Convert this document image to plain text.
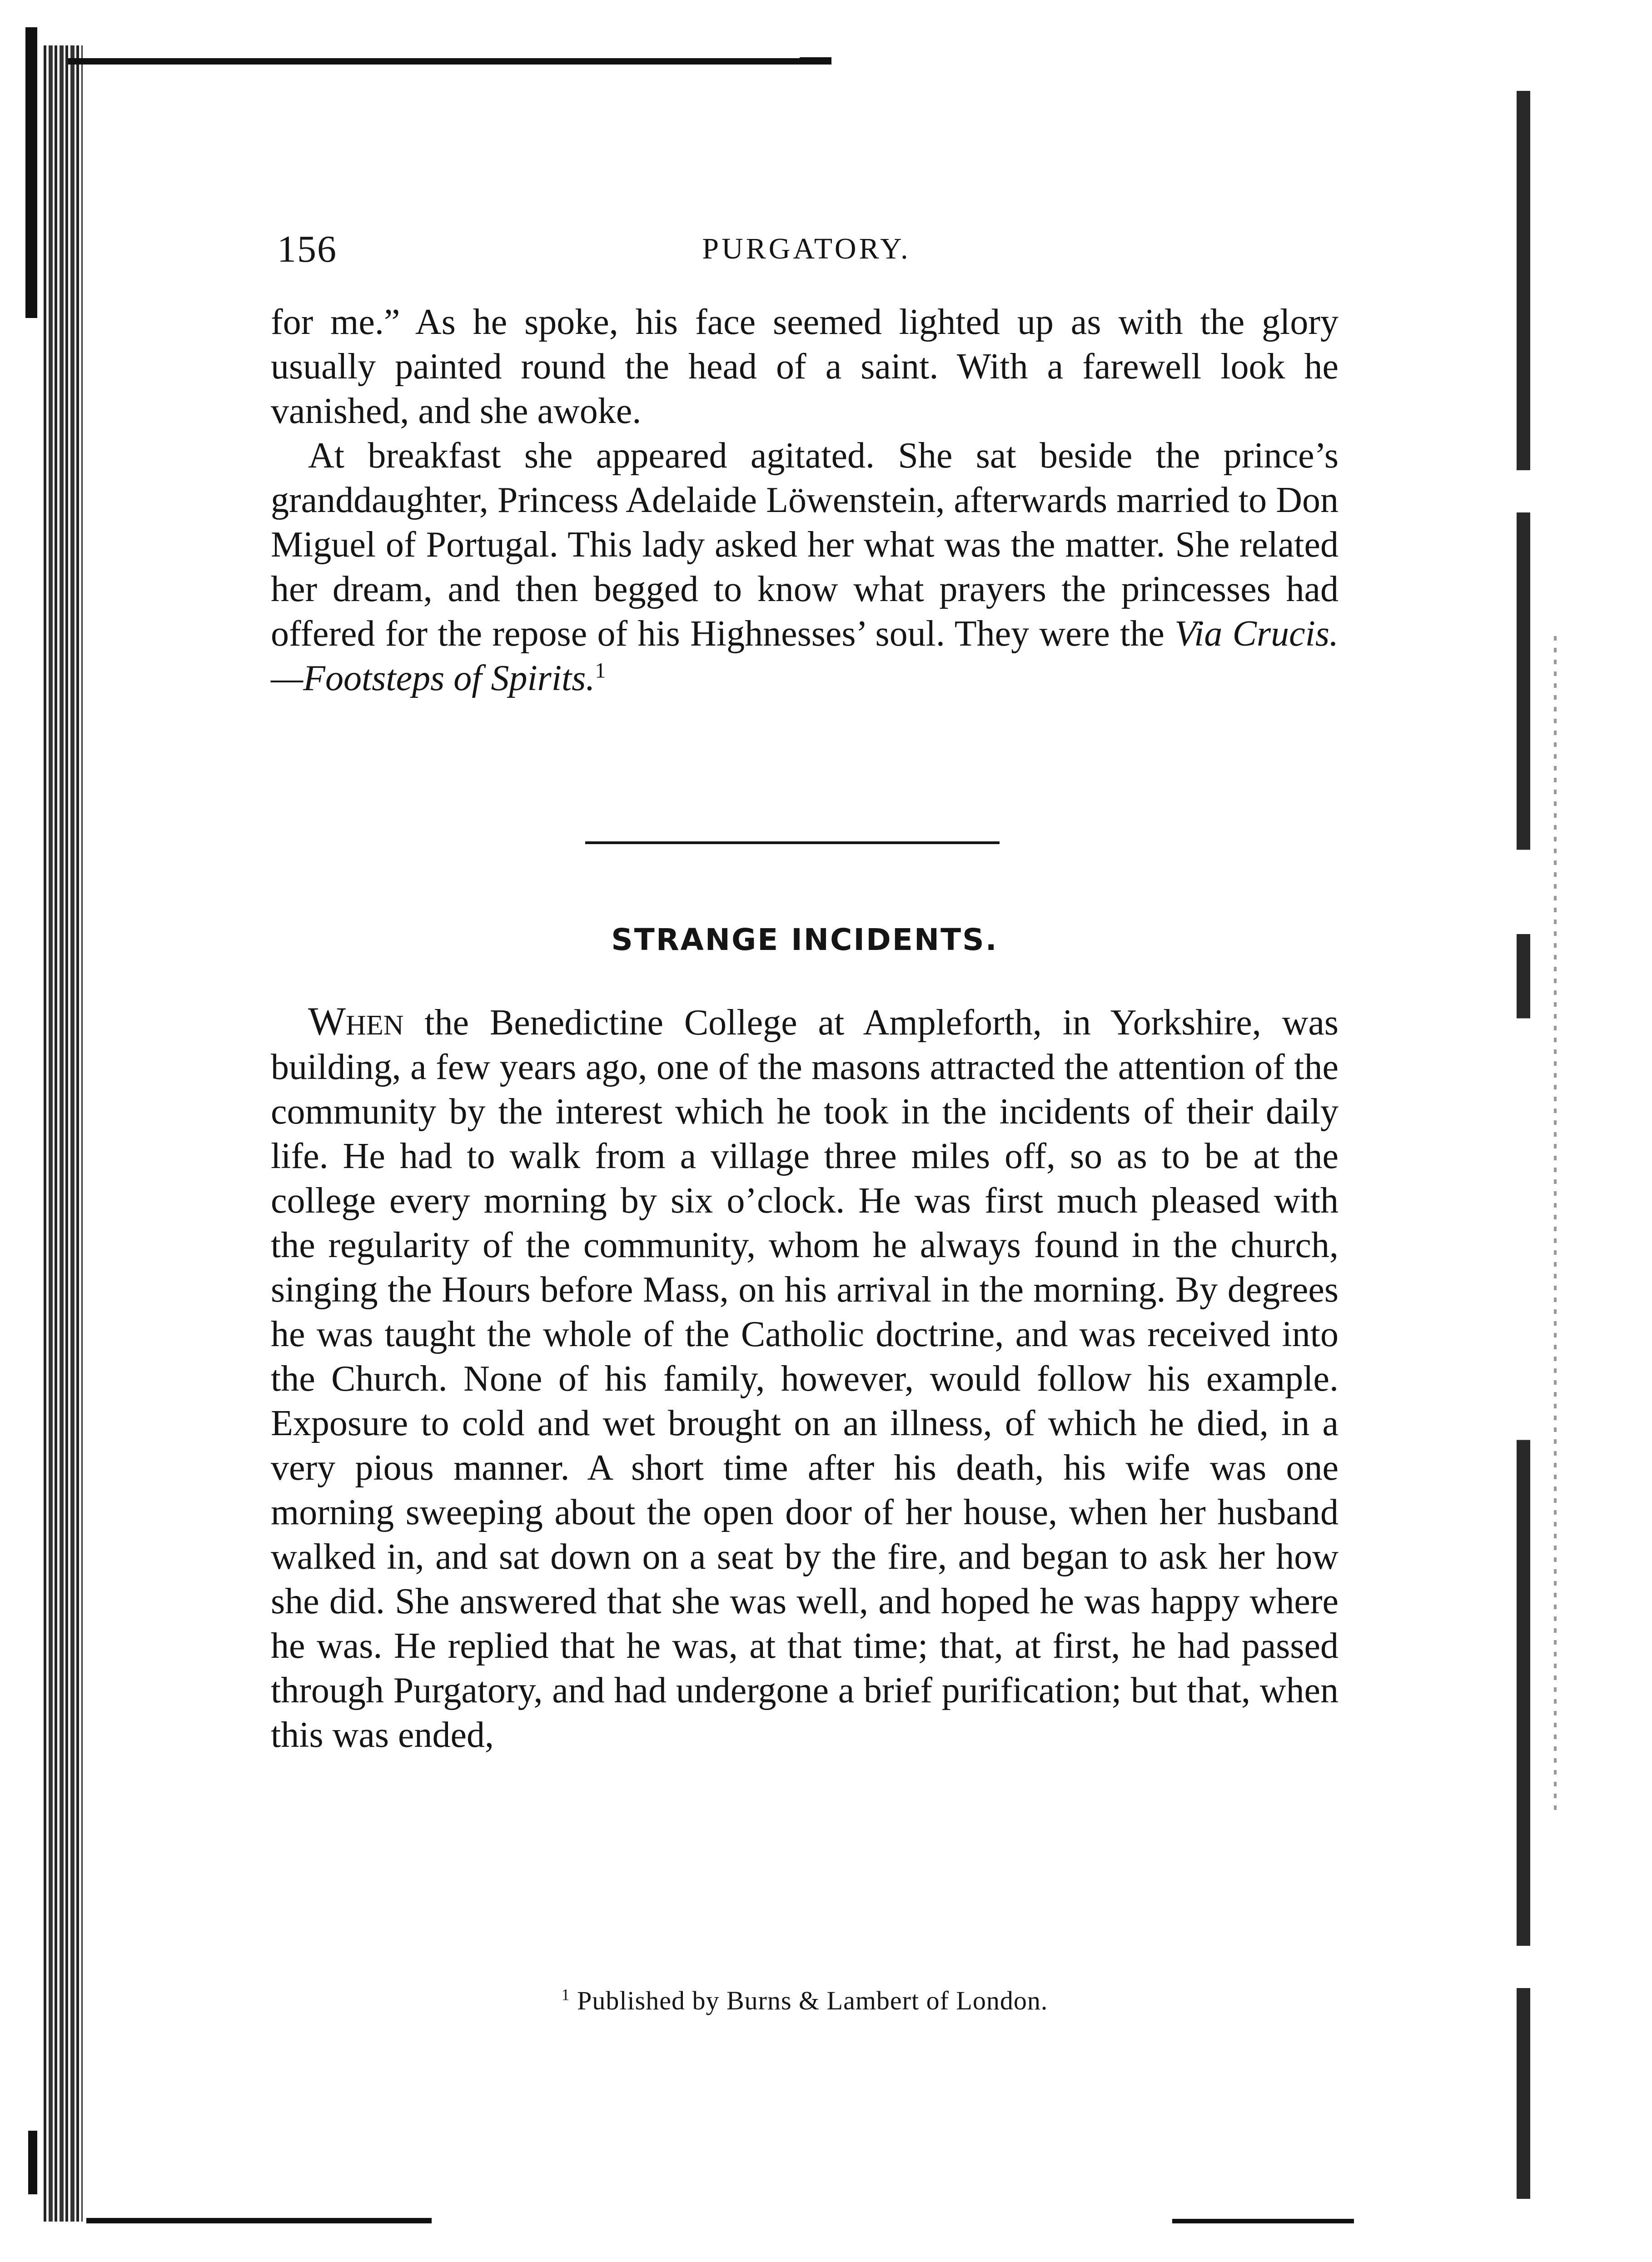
156	PURGATORY.

for me.” As he spoke, his face seemed lighted up as with the glory usually painted round the head of a saint. With a farewell look he vanished, and she awoke.

At breakfast she appeared agitated. She sat beside the prince’s granddaughter, Princess Adelaide Löwenstein, afterwards married to Don Miguel of Portugal. This lady asked her what was the matter. She related her dream, and then begged to know what prayers the princesses had offered for the repose of his Highnesses’ soul. They were the Via Crucis.—Footsteps of Spirits.$^1$

STRANGE INCIDENTS.

When the Benedictine College at Ampleforth, in Yorkshire, was building, a few years ago, one of the masons attracted the attention of the community by the interest which he took in the incidents of their daily life. He had to walk from a village three miles off, so as to be at the college every morning by six o’clock. He was first much pleased with the regularity of the community, whom he always found in the church, singing the Hours before Mass, on his arrival in the morning. By degrees he was taught the whole of the Catholic doctrine, and was received into the Church. None of his family, however, would follow his example. Exposure to cold and wet brought on an illness, of which he died, in a very pious manner. A short time after his death, his wife was one morning sweeping about the open door of her house, when her husband walked in, and sat down on a seat by the fire, and began to ask her how she did. She answered that she was well, and hoped he was happy where he was. He replied that he was, at that time; that, at first, he had passed through Purgatory, and had undergone a brief purification; but that, when this was ended,

$^1$ Published by Burns & Lambert of London.
